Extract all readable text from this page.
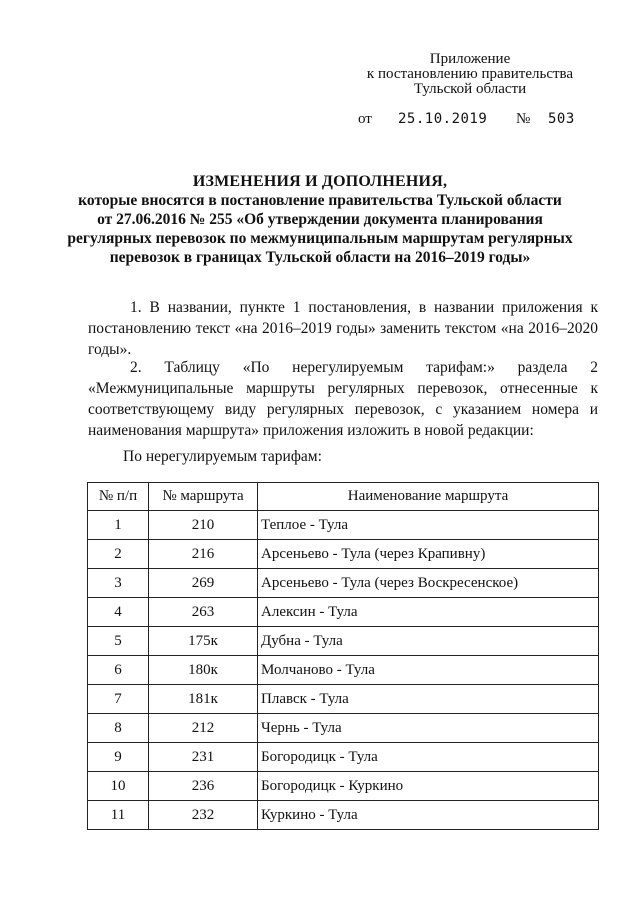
Приложение
к постановлению правительства
Тульской области
от 25.10.2019 № 503
ИЗМЕНЕНИЯ И ДОПОЛНЕНИЯ,
которые вносятся в постановление правительства Тульской области
от 27.06.2016 № 255 «Об утверждении документа планирования
регулярных перевозок по межмуниципальным маршрутам регулярных
перевозок в границах Тульской области на 2016–2019 годы»
1. В названии, пункте 1 постановления, в названии приложения к постановлению текст «на 2016–2019 годы» заменить текстом «на 2016–2020 годы».
2. Таблицу «По нерегулируемым тарифам:» раздела 2 «Межмуниципальные маршруты регулярных перевозок, отнесенные к соответствующему виду регулярных перевозок, с указанием номера и наименования маршрута» приложения изложить в новой редакции:
По нерегулируемым тарифам:
№ п/п	№ маршрута	Наименование маршрута
1	210	Теплое - Тула
2	216	Арсеньево - Тула (через Крапивну)
3	269	Арсеньево - Тула (через Воскресенское)
4	263	Алексин - Тула
5	175к	Дубна - Тула
6	180к	Молчаново - Тула
7	181к	Плавск - Тула
8	212	Чернь - Тула
9	231	Богородицк - Тула
10	236	Богородицк - Куркино
11	232	Куркино - Тула
